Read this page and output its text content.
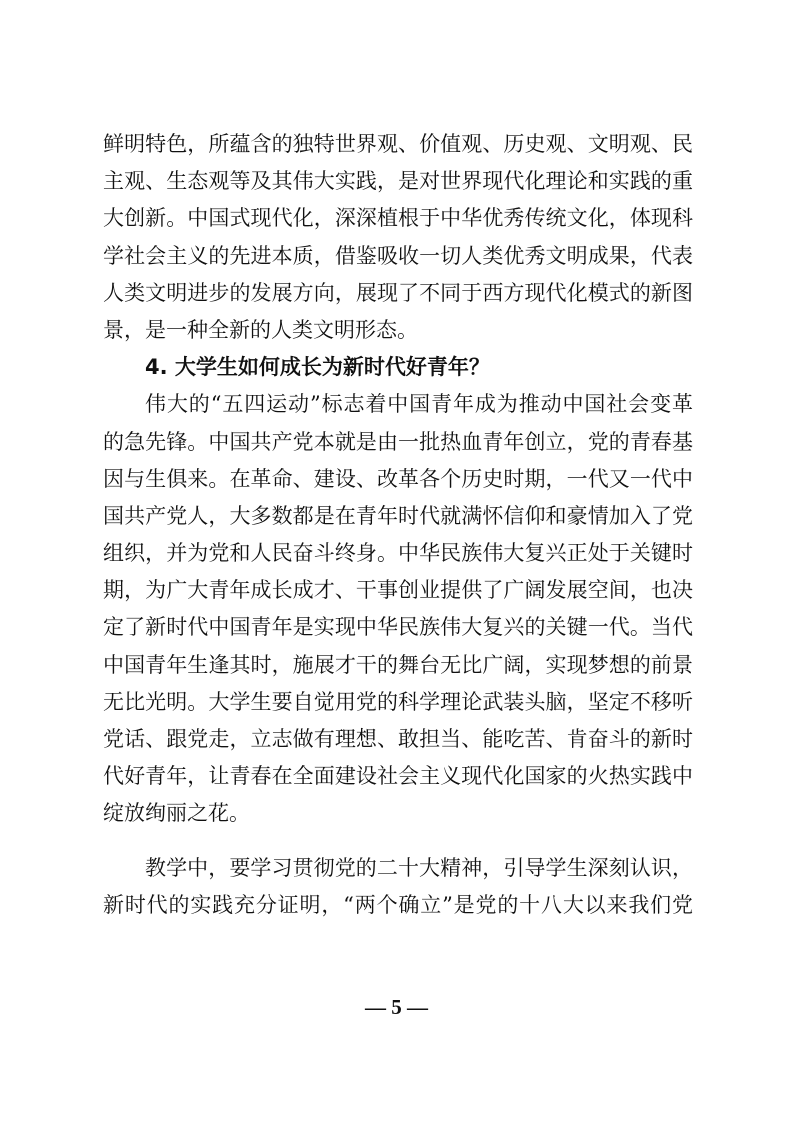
鲜明特色，所蕴含的独特世界观、价值观、历史观、文明观、民
主观、生态观等及其伟大实践，是对世界现代化理论和实践的重
大创新。中国式现代化，深深植根于中华优秀传统文化，体现科
学社会主义的先进本质，借鉴吸收一切人类优秀文明成果，代表
人类文明进步的发展方向，展现了不同于西方现代化模式的新图
景，是一种全新的人类文明形态。
4. 大学生如何成长为新时代好青年？
伟大的“五四运动”标志着中国青年成为推动中国社会变革
的急先锋。中国共产党本就是由一批热血青年创立，党的青春基
因与生俱来。在革命、建设、改革各个历史时期，一代又一代中
国共产党人，大多数都是在青年时代就满怀信仰和豪情加入了党
组织，并为党和人民奋斗终身。中华民族伟大复兴正处于关键时
期，为广大青年成长成才、干事创业提供了广阔发展空间，也决
定了新时代中国青年是实现中华民族伟大复兴的关键一代。当代
中国青年生逢其时，施展才干的舞台无比广阔，实现梦想的前景
无比光明。大学生要自觉用党的科学理论武装头脑，坚定不移听
党话、跟党走，立志做有理想、敢担当、能吃苦、肯奋斗的新时
代好青年，让青春在全面建设社会主义现代化国家的火热实践中
绽放绚丽之花。
教学中，要学习贯彻党的二十大精神，引导学生深刻认识，
新时代的实践充分证明，“两个确立”是党的十八大以来我们党
— 5 —
